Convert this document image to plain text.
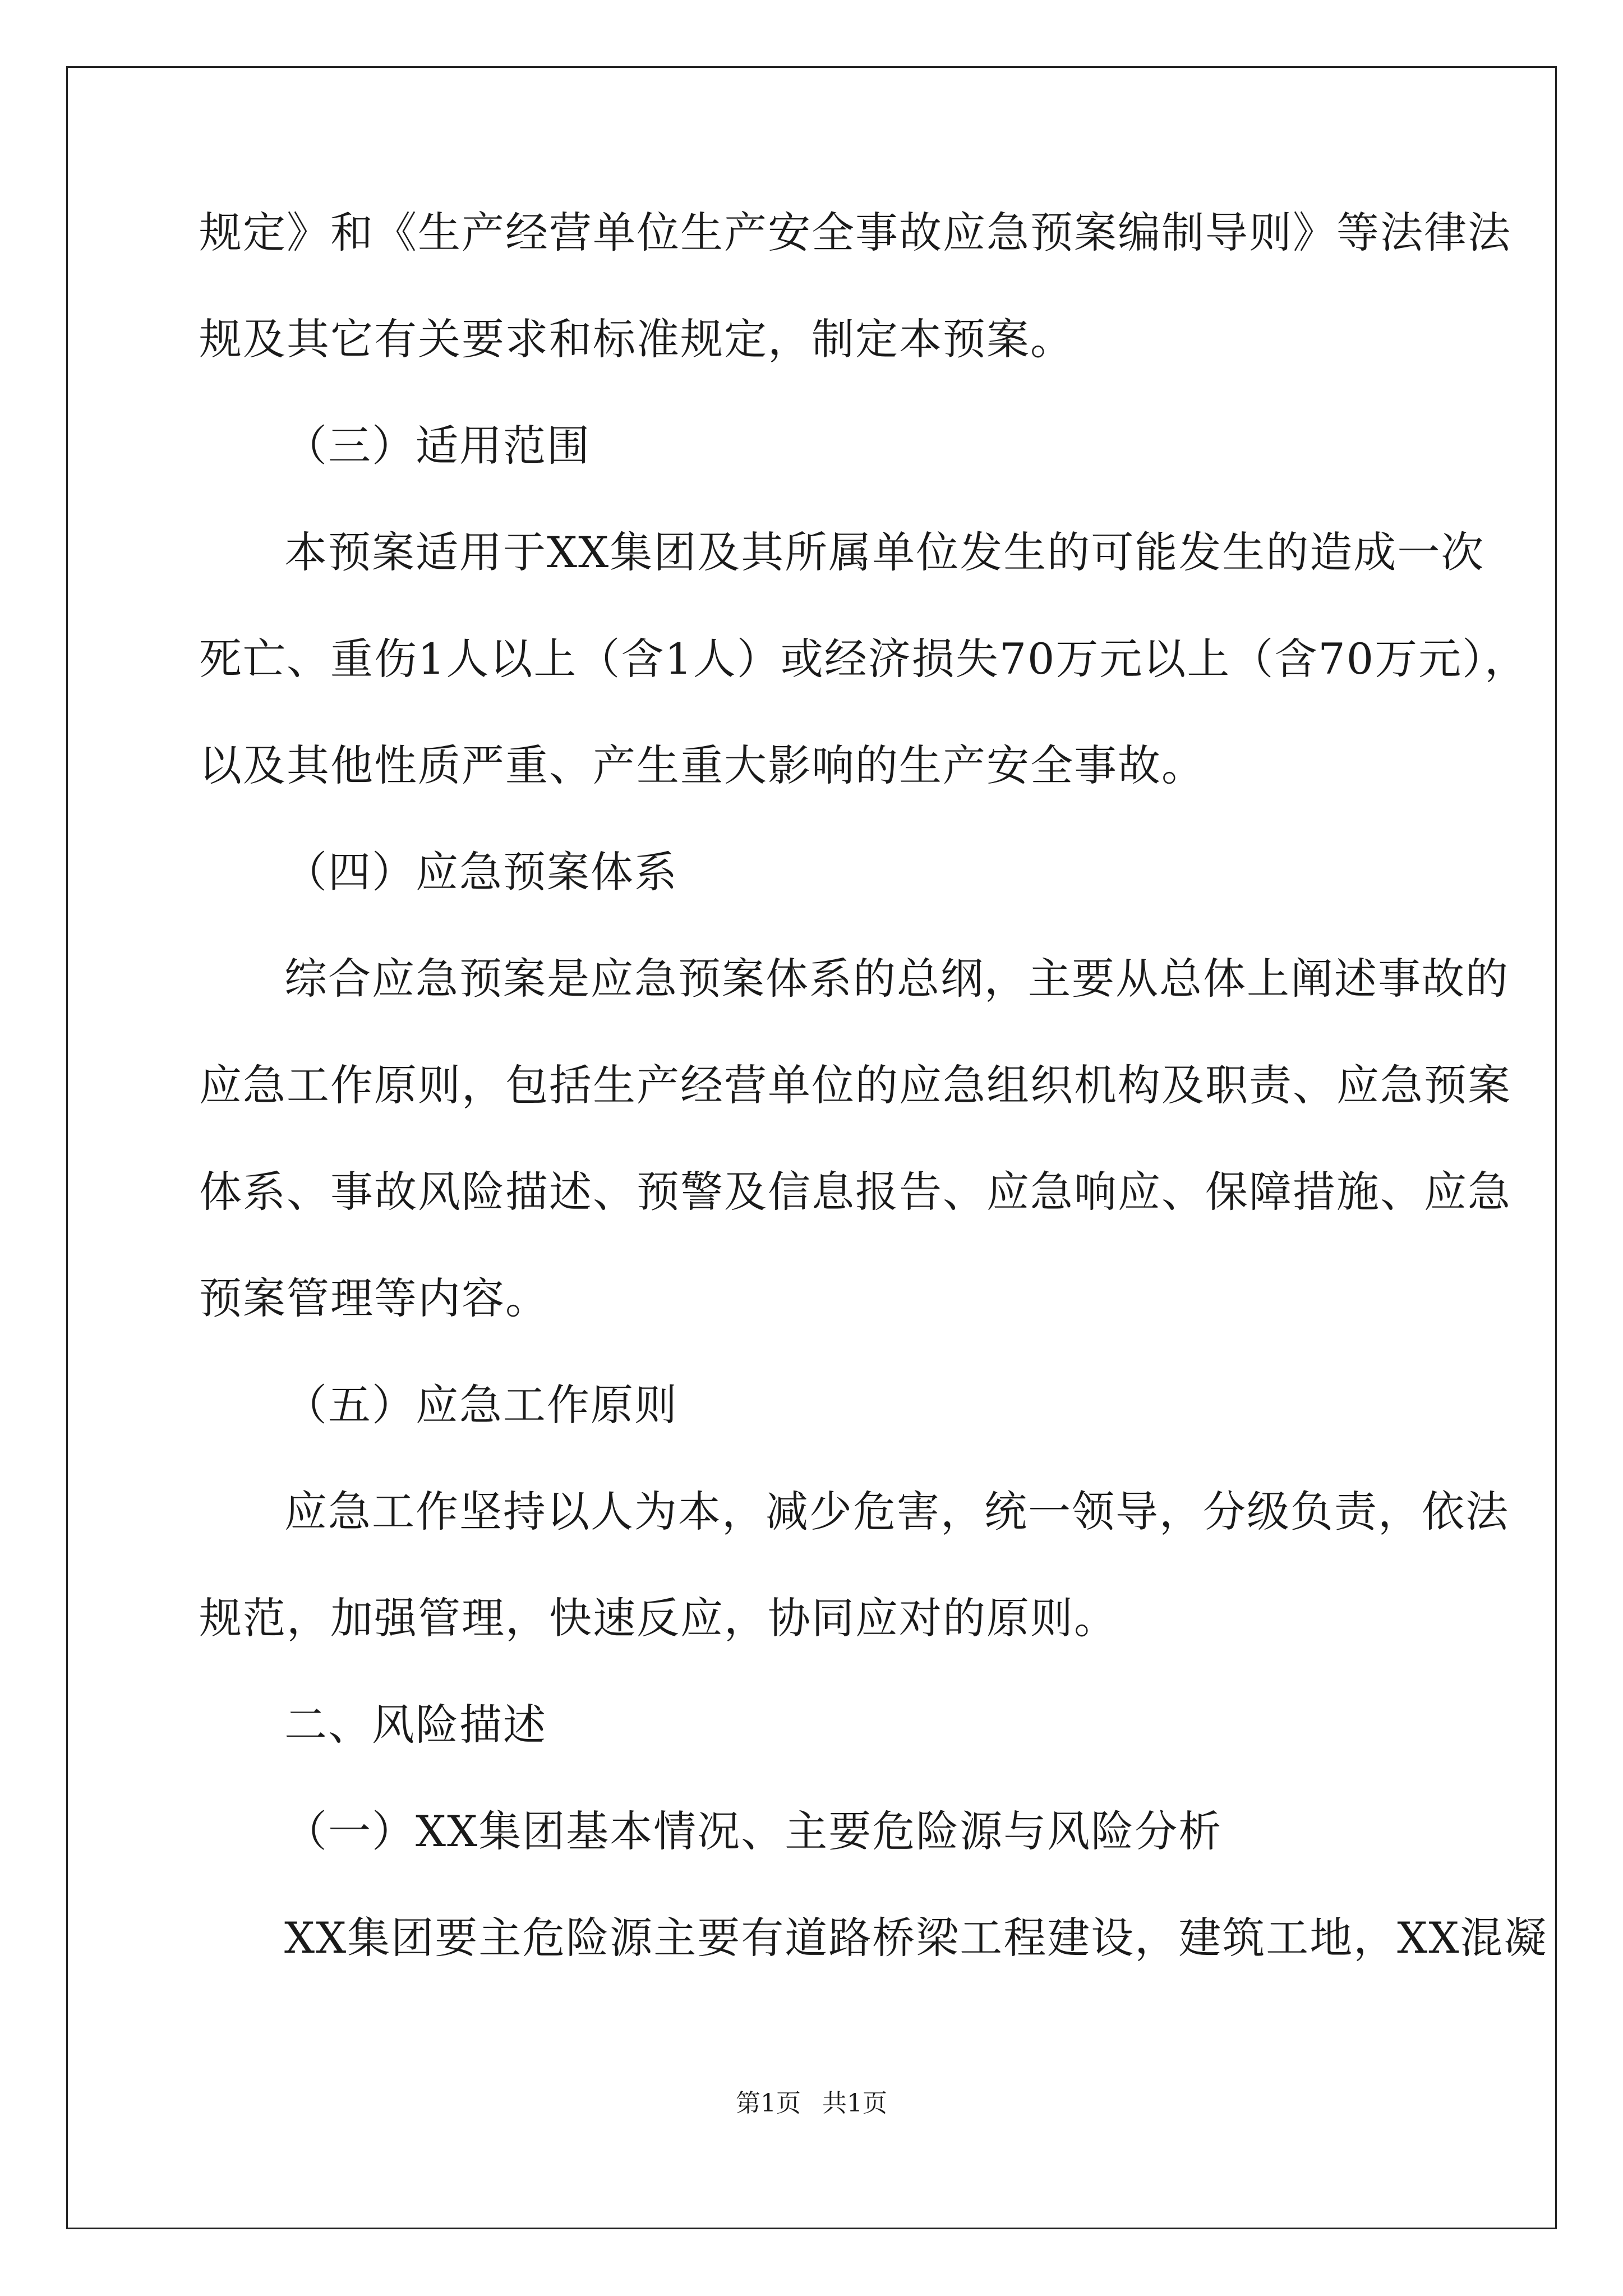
规定》和《生产经营单位生产安全事故应急预案编制导则》等法律法
规及其它有关要求和标准规定，制定本预案。
（三）适用范围
本预案适用于XX集团及其所属单位发生的可能发生的造成一次
死亡、重伤1人以上（含1人）或经济损失70万元以上（含70万元），
以及其他性质严重、产生重大影响的生产安全事故。
（四）应急预案体系
综合应急预案是应急预案体系的总纲，主要从总体上阐述事故的
应急工作原则，包括生产经营单位的应急组织机构及职责、应急预案
体系、事故风险描述、预警及信息报告、应急响应、保障措施、应急
预案管理等内容。
（五）应急工作原则
应急工作坚持以人为本，减少危害，统一领导，分级负责，依法
规范，加强管理，快速反应，协同应对的原则。
二、风险描述
（一）XX集团基本情况、主要危险源与风险分析
XX集团要主危险源主要有道路桥梁工程建设，建筑工地，XX混凝
第1页 共1页
